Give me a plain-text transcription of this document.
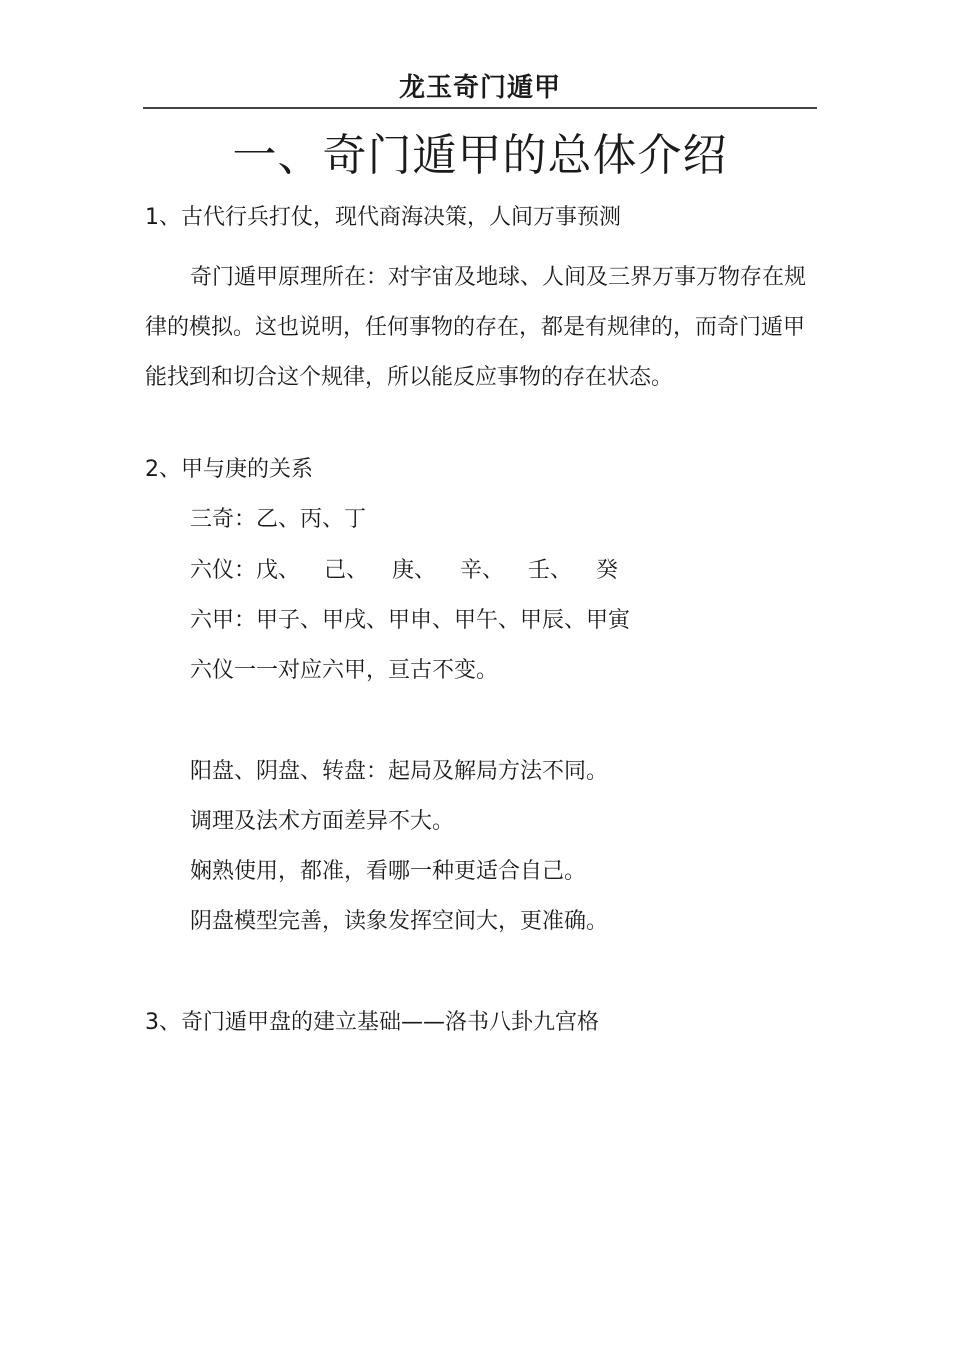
龙玉奇门遁甲
一、奇门遁甲的总体介绍
1、古代行兵打仗，现代商海决策，人间万事预测
奇门遁甲原理所在：对宇宙及地球、人间及三界万事万物存在规律的模拟。这也说明，任何事物的存在，都是有规律的，而奇门遁甲能找到和切合这个规律，所以能反应事物的存在状态。
2、甲与庚的关系
三奇：乙、丙、丁
六仪：戊、 己、 庚、 辛、 壬、 癸
六甲：甲子、甲戌、甲申、甲午、甲辰、甲寅
六仪一一对应六甲，亘古不变。
阳盘、阴盘、转盘：起局及解局方法不同。
调理及法术方面差异不大。
娴熟使用，都准，看哪一种更适合自己。
阴盘模型完善，读象发挥空间大，更准确。
3、奇门遁甲盘的建立基础——洛书八卦九宫格
